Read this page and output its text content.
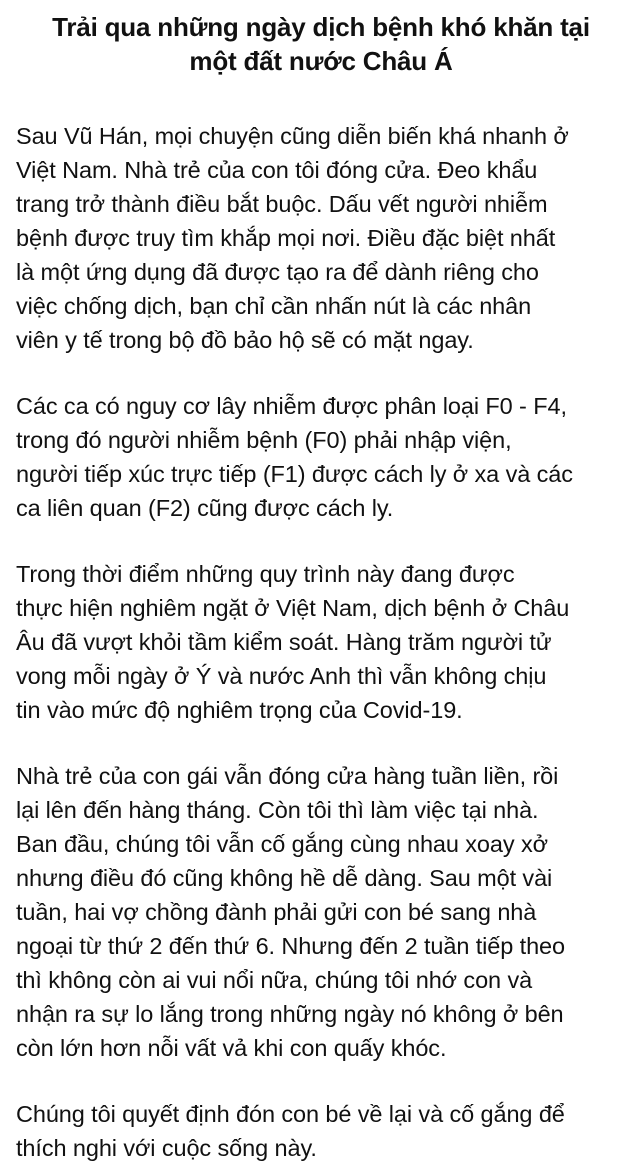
Trải qua những ngày dịch bệnh khó khăn tại
một đất nước Châu Á

Sau Vũ Hán, mọi chuyện cũng diễn biến khá nhanh ở
Việt Nam. Nhà trẻ của con tôi đóng cửa. Đeo khẩu
trang trở thành điều bắt buộc. Dấu vết người nhiễm
bệnh được truy tìm khắp mọi nơi. Điều đặc biệt nhất
là một ứng dụng đã được tạo ra để dành riêng cho
việc chống dịch, bạn chỉ cần nhấn nút là các nhân
viên y tế trong bộ đồ bảo hộ sẽ có mặt ngay.

Các ca có nguy cơ lây nhiễm được phân loại F0 - F4,
trong đó người nhiễm bệnh (F0) phải nhập viện,
người tiếp xúc trực tiếp (F1) được cách ly ở xa và các
ca liên quan (F2) cũng được cách ly.

Trong thời điểm những quy trình này đang được
thực hiện nghiêm ngặt ở Việt Nam, dịch bệnh ở Châu
Âu đã vượt khỏi tầm kiểm soát. Hàng trăm người tử
vong mỗi ngày ở Ý và nước Anh thì vẫn không chịu
tin vào mức độ nghiêm trọng của Covid-19.

Nhà trẻ của con gái vẫn đóng cửa hàng tuần liền, rồi
lại lên đến hàng tháng. Còn tôi thì làm việc tại nhà.
Ban đầu, chúng tôi vẫn cố gắng cùng nhau xoay xở
nhưng điều đó cũng không hề dễ dàng. Sau một vài
tuần, hai vợ chồng đành phải gửi con bé sang nhà
ngoại từ thứ 2 đến thứ 6. Nhưng đến 2 tuần tiếp theo
thì không còn ai vui nổi nữa, chúng tôi nhớ con và
nhận ra sự lo lắng trong những ngày nó không ở bên
còn lớn hơn nỗi vất vả khi con quấy khóc.

Chúng tôi quyết định đón con bé về lại và cố gắng để
thích nghi với cuộc sống này.
